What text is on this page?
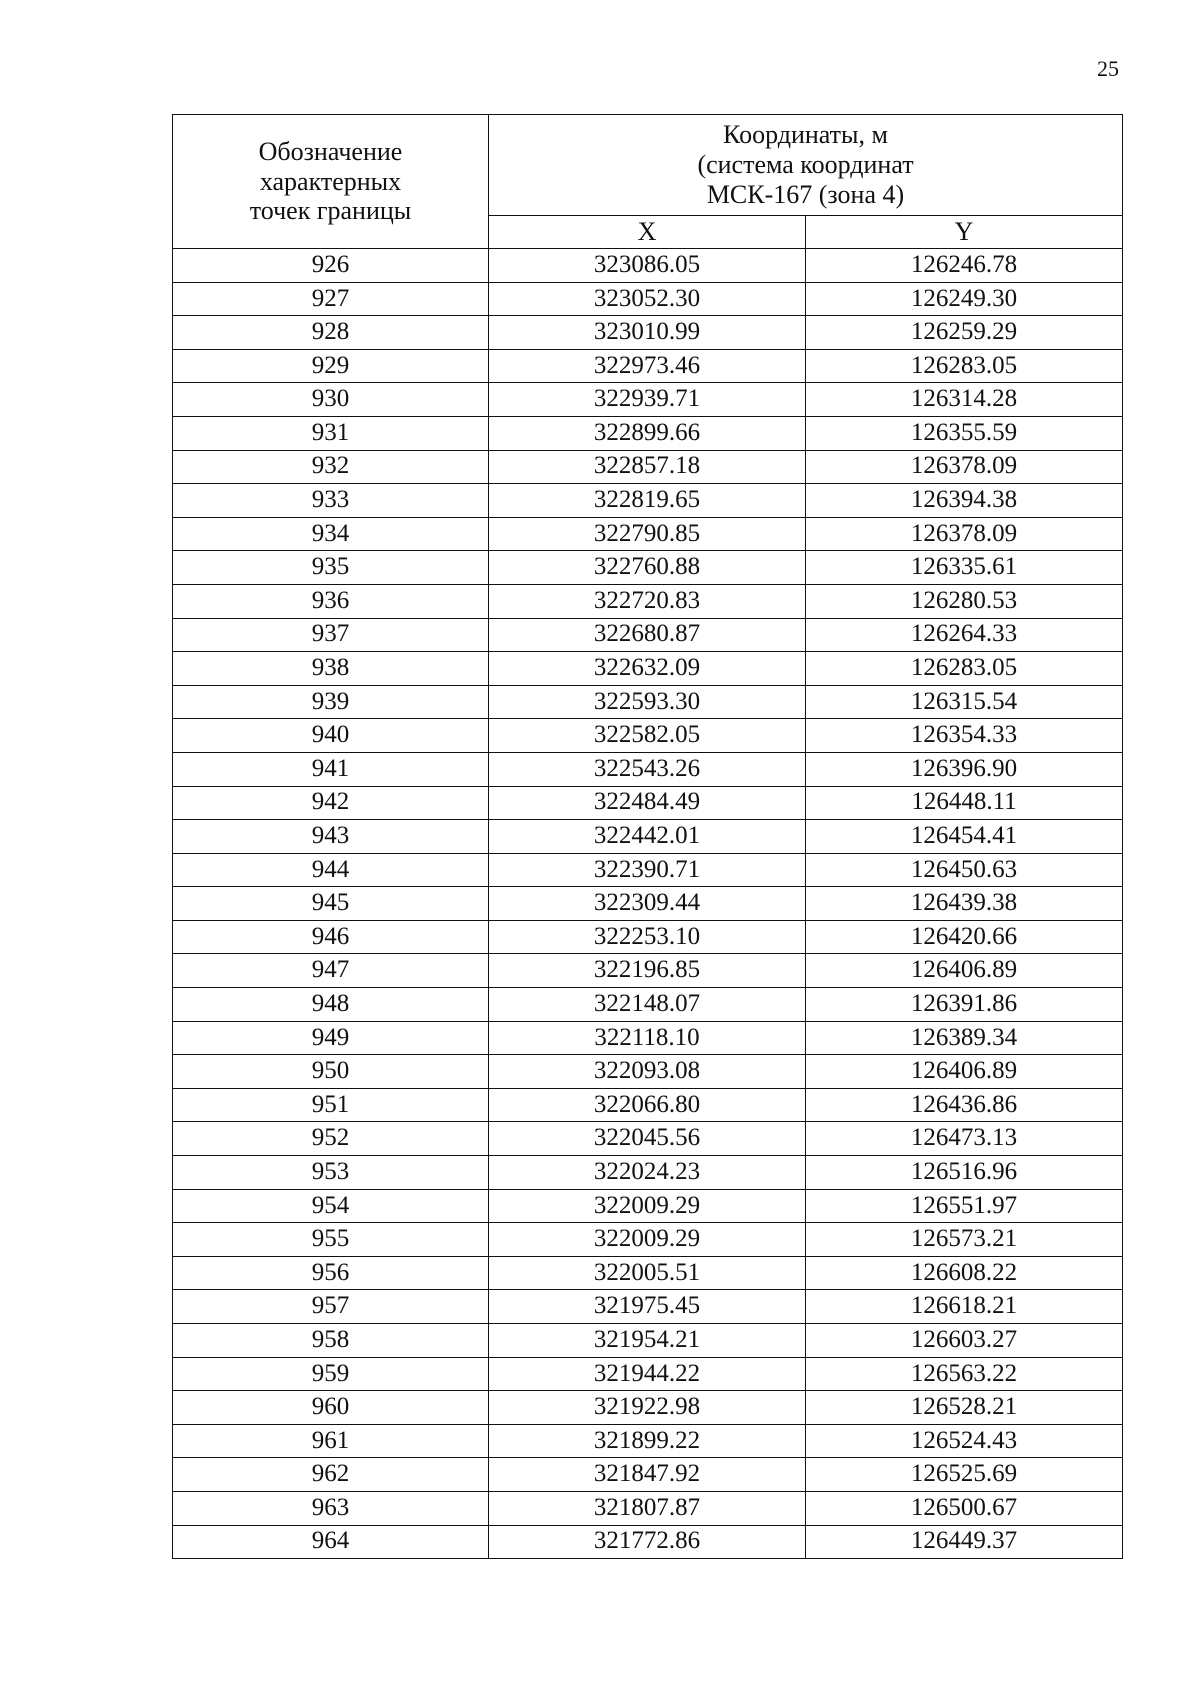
25
Обозначение
характерных
точек границы	Координаты, м
(система координат
МСК-167 (зона 4)	

	X	Y
926	323086.05	126246.78
927	323052.30	126249.30
928	323010.99	126259.29
929	322973.46	126283.05
930	322939.71	126314.28
931	322899.66	126355.59
932	322857.18	126378.09
933	322819.65	126394.38
934	322790.85	126378.09
935	322760.88	126335.61
936	322720.83	126280.53
937	322680.87	126264.33
938	322632.09	126283.05
939	322593.30	126315.54
940	322582.05	126354.33
941	322543.26	126396.90
942	322484.49	126448.11
943	322442.01	126454.41
944	322390.71	126450.63
945	322309.44	126439.38
946	322253.10	126420.66
947	322196.85	126406.89
948	322148.07	126391.86
949	322118.10	126389.34
950	322093.08	126406.89
951	322066.80	126436.86
952	322045.56	126473.13
953	322024.23	126516.96
954	322009.29	126551.97
955	322009.29	126573.21
956	322005.51	126608.22
957	321975.45	126618.21
958	321954.21	126603.27
959	321944.22	126563.22
960	321922.98	126528.21
961	321899.22	126524.43
962	321847.92	126525.69
963	321807.87	126500.67
964	321772.86	126449.37
